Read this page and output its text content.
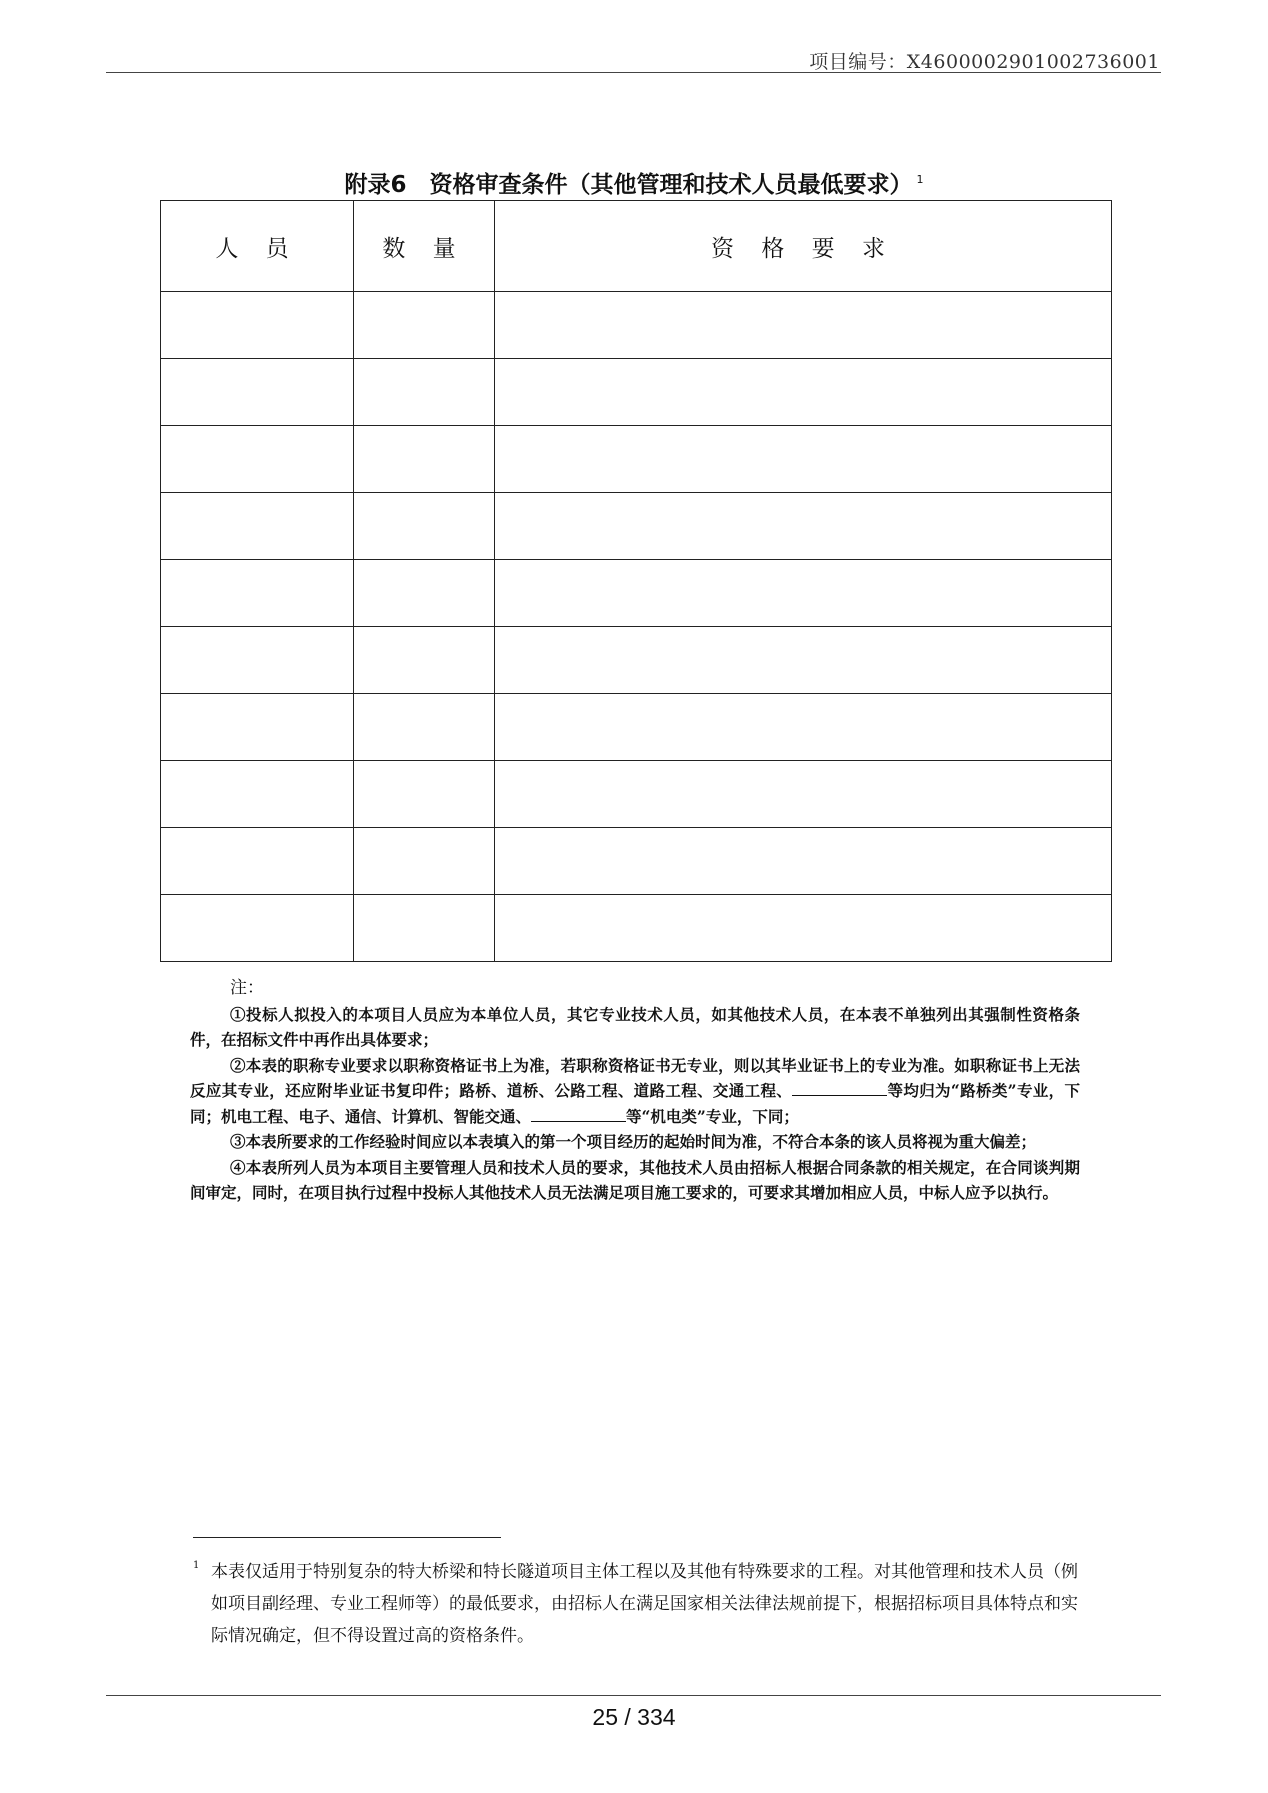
项目编号：X4600002901002736001
附录6　资格审查条件（其他管理和技术人员最低要求） $^1$
人 员	数 量	资 格 要 求

注：

①投标人拟投入的本项目人员应为本单位人员，其它专业技术人员，如其他技术人员，在本表不单独列出其强制性资格条件，在招标文件中再作出具体要求；

②本表的职称专业要求以职称资格证书上为准，若职称资格证书无专业，则以其毕业证书上的专业为准。如职称证书上无法反应其专业，还应附毕业证书复印件；路桥、道桥、公路工程、道路工程、交通工程、	等均归为“路桥类”专业，下同；机电工程、电子、通信、计算机、智能交通、	等“机电类”专业，下同；

③本表所要求的工作经验时间应以本表填入的第一个项目经历的起始时间为准，不符合本条的该人员将视为重大偏差；

④本表所列人员为本项目主要管理人员和技术人员的要求，其他技术人员由招标人根据合同条款的相关规定，在合同谈判期间审定，同时，在项目执行过程中投标人其他技术人员无法满足项目施工要求的，可要求其增加相应人员，中标人应予以执行。

1 本表仅适用于特别复杂的特大桥梁和特长隧道项目主体工程以及其他有特殊要求的工程。对其他管理和技术人员（例如项目副经理、专业工程师等）的最低要求，由招标人在满足国家相关法律法规前提下，根据招标项目具体特点和实际情况确定，但不得设置过高的资格条件。
25 / 334
